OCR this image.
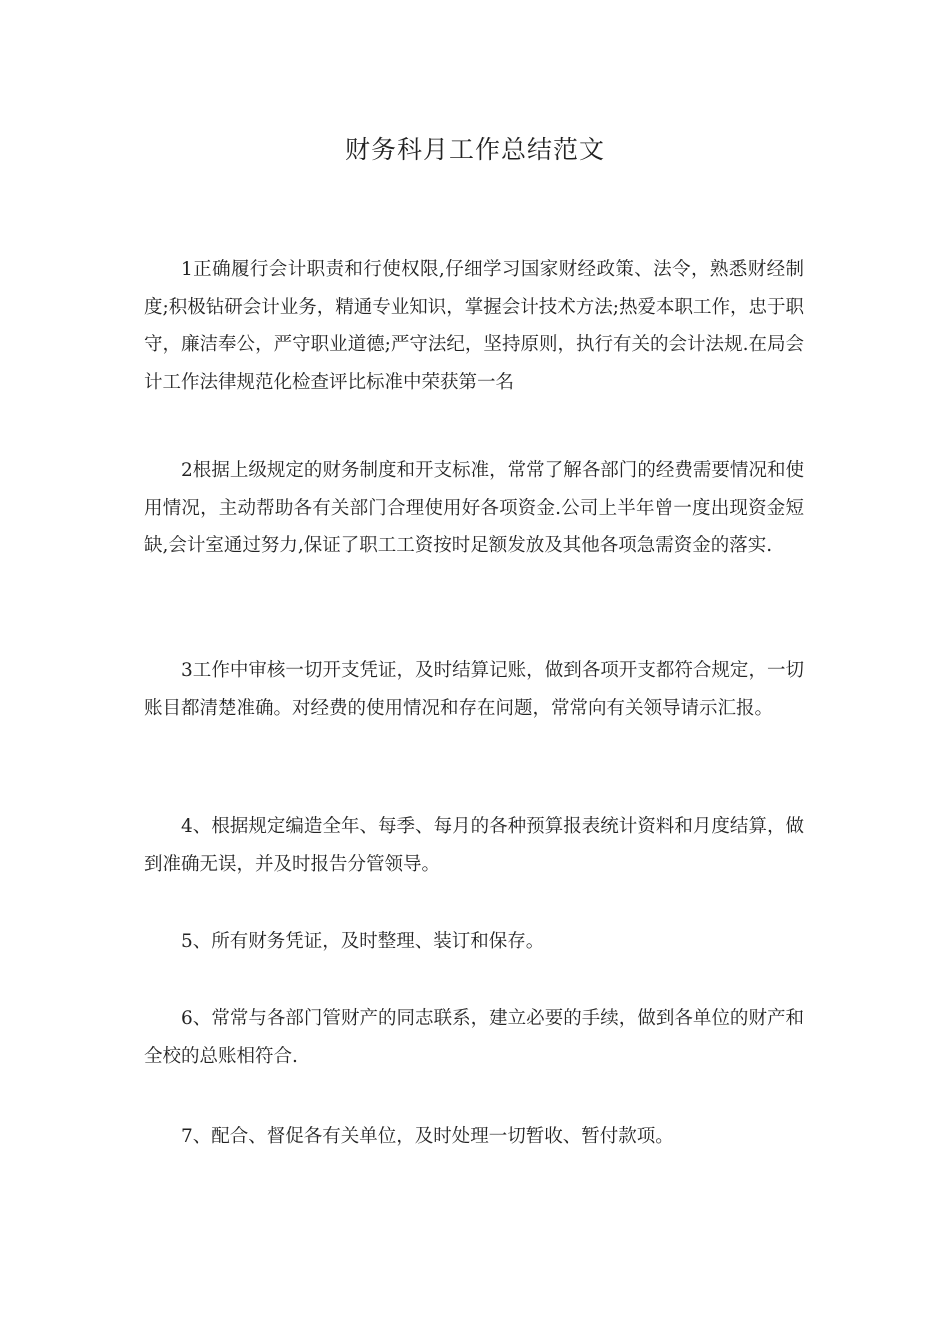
财务科月工作总结范文

1正确履行会计职责和行使权限,仔细学习国家财经政策、法令，熟悉财经制度;积极钻研会计业务，精通专业知识，掌握会计技术方法;热爱本职工作，忠于职守，廉洁奉公，严守职业道德;严守法纪，坚持原则，执行有关的会计法规.在局会计工作法律规范化检查评比标准中荣获第一名

2根据上级规定的财务制度和开支标准，常常了解各部门的经费需要情况和使用情况，主动帮助各有关部门合理使用好各项资金.公司上半年曾一度出现资金短缺,会计室通过努力,保证了职工工资按时足额发放及其他各项急需资金的落实.

3工作中审核一切开支凭证，及时结算记账，做到各项开支都符合规定，一切账目都清楚准确。对经费的使用情况和存在问题，常常向有关领导请示汇报。

4、根据规定编造全年、每季、每月的各种预算报表统计资料和月度结算，做到准确无误，并及时报告分管领导。

5、所有财务凭证，及时整理、装订和保存。

6、常常与各部门管财产的同志联系，建立必要的手续，做到各单位的财产和全校的总账相符合.

7、配合、督促各有关单位，及时处理一切暂收、暂付款项。
